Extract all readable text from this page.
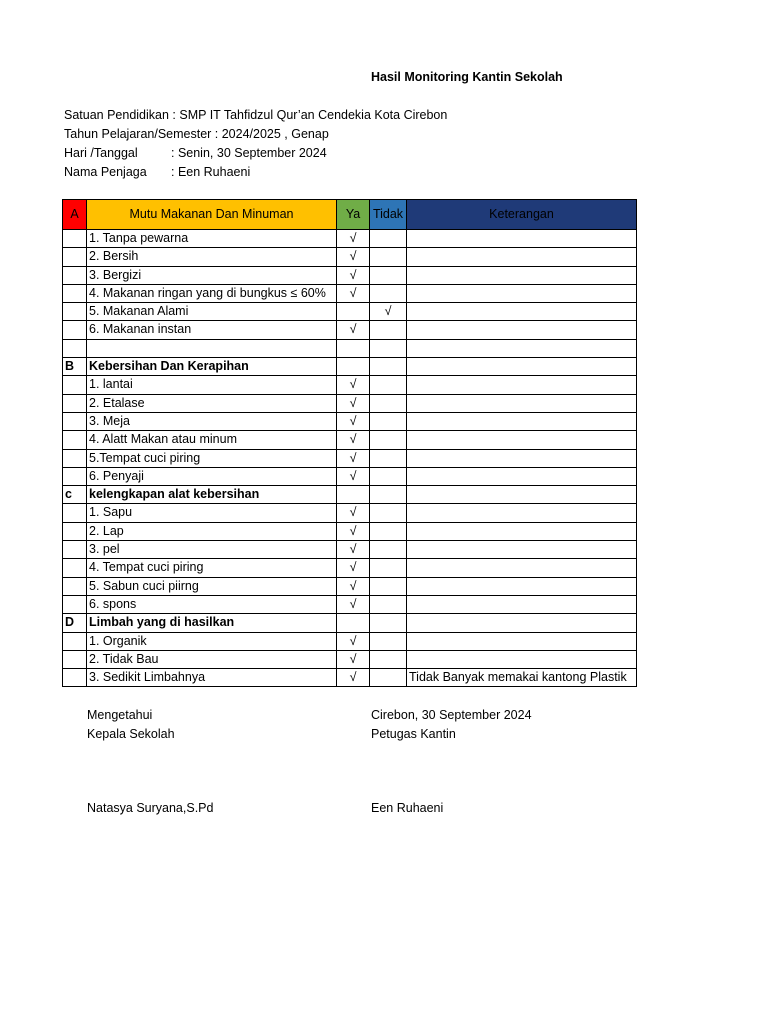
Hasil Monitoring Kantin Sekolah
Satuan Pendidikan : SMP IT Tahfidzul Qur’an Cendekia Kota Cirebon
Tahun Pelajaran/Semester : 2024/2025 , Genap
Hari /Tanggal	: Senin, 30 September 2024
Nama Penjaga : Een Ruhaeni
A	Mutu Makanan Dan Minuman	Ya	Tidak	Keterangan
	1. Tanpa pewarna	√		
	2. Bersih	√		
	3. Bergizi	√		
	4. Makanan ringan yang di bungkus ≤ 60%	√		
	5. Makanan Alami		√	
	6. Makanan instan	√		

B	Kebersihan Dan Kerapihan			
	1. lantai	√		
	2. Etalase	√		
	3. Meja	√		
	4. Alatt Makan atau minum	√		
	5.Tempat cuci piring	√		
	6. Penyaji	√		
c	kelengkapan alat kebersihan			
	1. Sapu	√		
	2. Lap	√		
	3. pel	√		
	4. Tempat cuci piring	√		
	5. Sabun cuci piirng	√		
	6. spons	√		
D	Limbah yang di hasilkan			
	1. Organik	√		
	2. Tidak Bau	√		
	3. Sedikit Limbahnya	√		Tidak Banyak memakai kantong Plastik
Mengetahui
Kepala Sekolah
Natasya Suryana,S.Pd
Cirebon, 30 September 2024
Petugas Kantin
Een Ruhaeni
